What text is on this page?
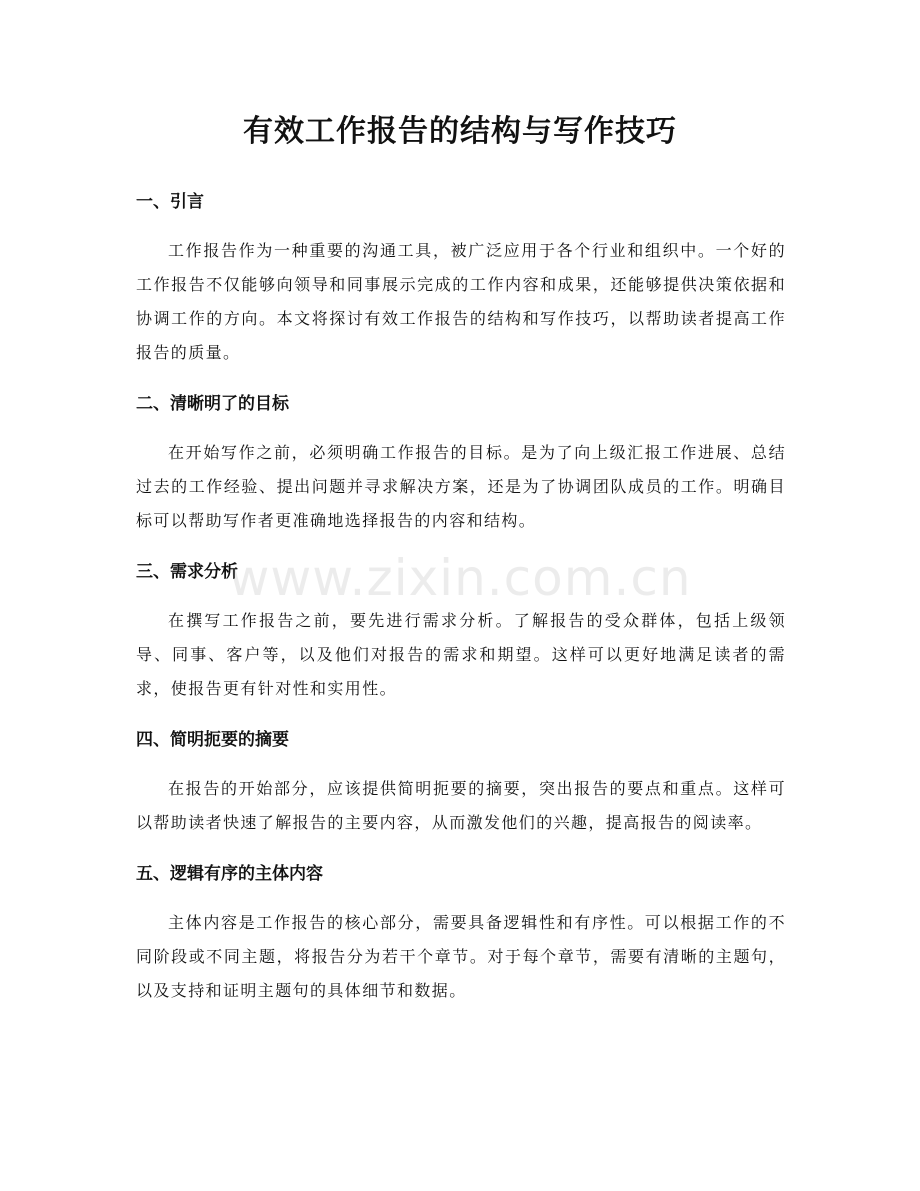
有效工作报告的结构与写作技巧
一、引言

工作报告作为一种重要的沟通工具，被广泛应用于各个行业和组织中。一个好的工作报告不仅能够向领导和同事展示完成的工作内容和成果，还能够提供决策依据和协调工作的方向。本文将探讨有效工作报告的结构和写作技巧，以帮助读者提高工作报告的质量。

二、清晰明了的目标

在开始写作之前，必须明确工作报告的目标。是为了向上级汇报工作进展、总结过去的工作经验、提出问题并寻求解决方案，还是为了协调团队成员的工作。明确目标可以帮助写作者更准确地选择报告的内容和结构。

三、需求分析

在撰写工作报告之前，要先进行需求分析。了解报告的受众群体，包括上级领导、同事、客户等，以及他们对报告的需求和期望。这样可以更好地满足读者的需求，使报告更有针对性和实用性。

四、简明扼要的摘要

在报告的开始部分，应该提供简明扼要的摘要，突出报告的要点和重点。这样可以帮助读者快速了解报告的主要内容，从而激发他们的兴趣，提高报告的阅读率。

五、逻辑有序的主体内容

主体内容是工作报告的核心部分，需要具备逻辑性和有序性。可以根据工作的不同阶段或不同主题，将报告分为若干个章节。对于每个章节，需要有清晰的主题句，以及支持和证明主题句的具体细节和数据。

www.zixin.com.cn
